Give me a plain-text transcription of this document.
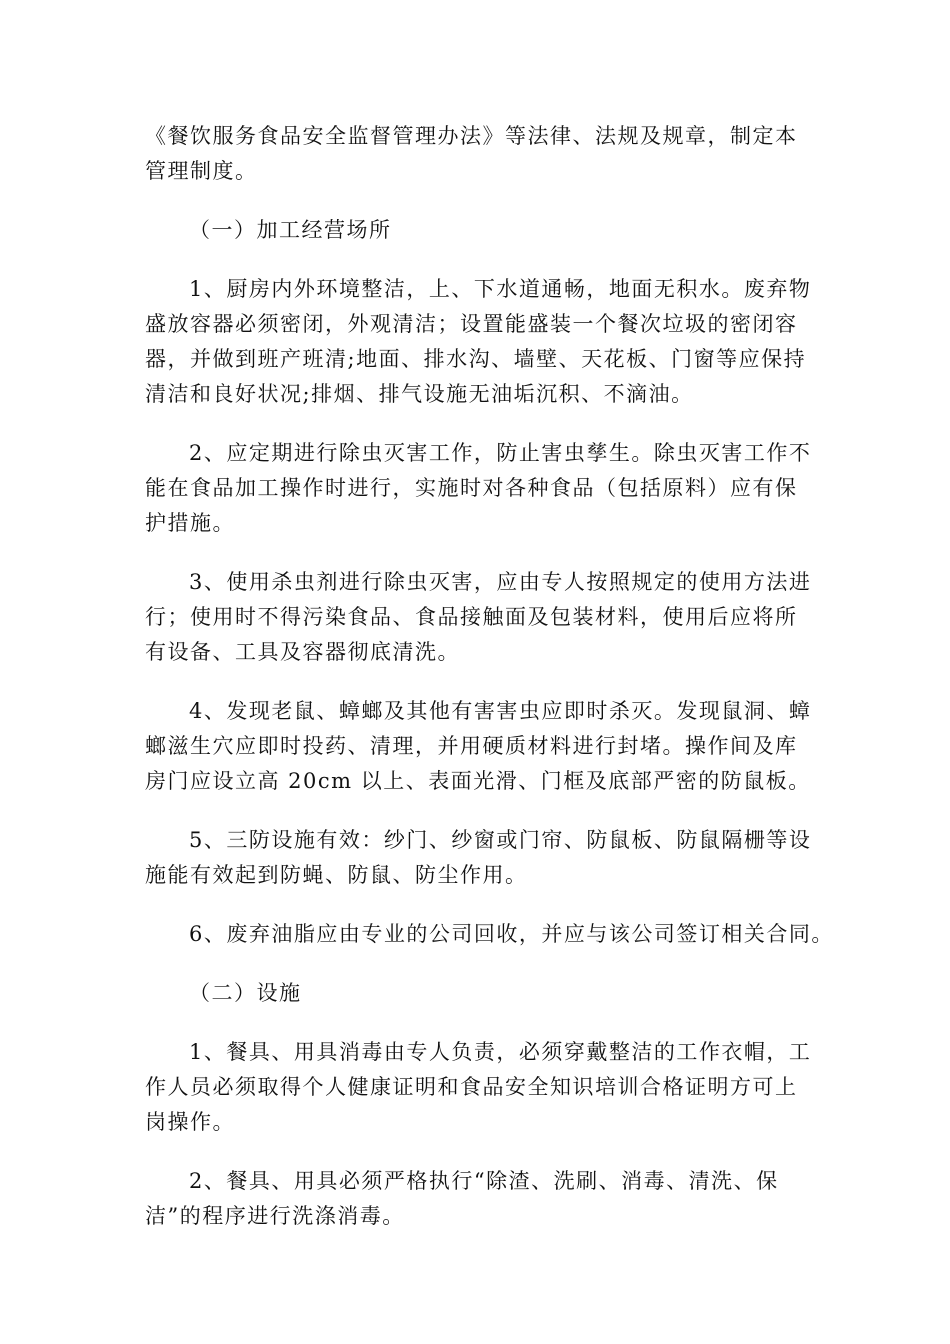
《餐饮服务食品安全监督管理办法》等法律、法规及规章，制定本
管理制度。

（一）加工经营场所

1、厨房内外环境整洁，上、下水道通畅，地面无积水。废弃物
盛放容器必须密闭，外观清洁；设置能盛装一个餐次垃圾的密闭容
器，并做到班产班清;地面、排水沟、墙壁、天花板、门窗等应保持
清洁和良好状况;排烟、排气设施无油垢沉积、不滴油。

2、应定期进行除虫灭害工作，防止害虫孳生。除虫灭害工作不
能在食品加工操作时进行，实施时对各种食品（包括原料）应有保
护措施。

3、使用杀虫剂进行除虫灭害，应由专人按照规定的使用方法进
行；使用时不得污染食品、食品接触面及包装材料，使用后应将所
有设备、工具及容器彻底清洗。

4、发现老鼠、蟑螂及其他有害害虫应即时杀灭。发现鼠洞、蟑
螂滋生穴应即时投药、清理，并用硬质材料进行封堵。操作间及库
房门应设立高 20cm 以上、表面光滑、门框及底部严密的防鼠板。

5、三防设施有效：纱门、纱窗或门帘、防鼠板、防鼠隔栅等设
施能有效起到防蝇、防鼠、防尘作用。

6、废弃油脂应由专业的公司回收，并应与该公司签订相关合同。

（二）设施

1、餐具、用具消毒由专人负责，必须穿戴整洁的工作衣帽，工
作人员必须取得个人健康证明和食品安全知识培训合格证明方可上
岗操作。

2、餐具、用具必须严格执行“除渣、洗刷、消毒、清洗、保
洁”的程序进行洗涤消毒。
